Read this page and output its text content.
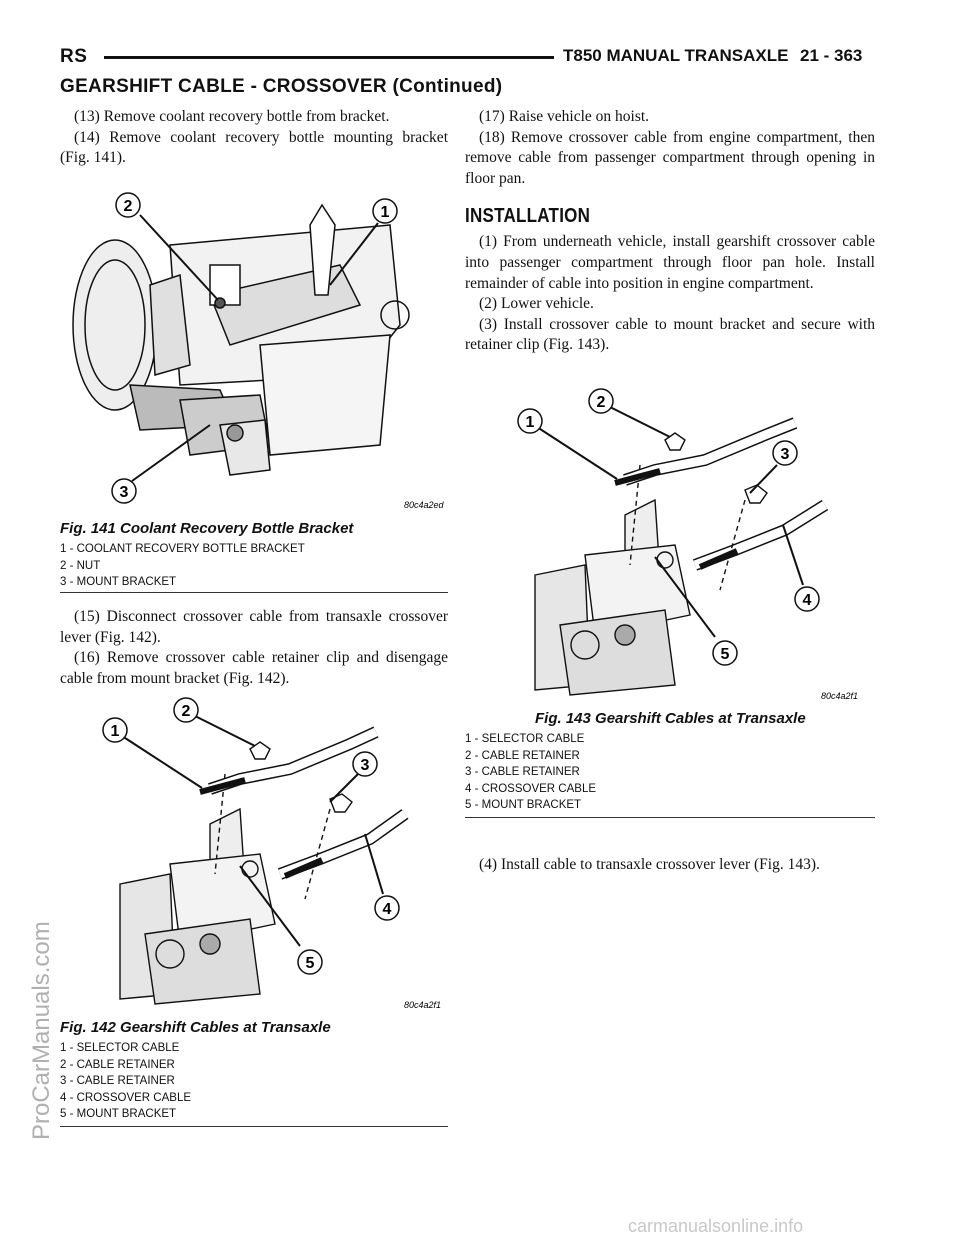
RS	T850 MANUAL TRANSAXLE 21 - 363
GEARSHIFT CABLE - CROSSOVER (Continued)

(13) Remove coolant recovery bottle from bracket.

(14) Remove coolant recovery bottle mounting bracket (Fig. 141).

2	1
3
80c4a2ed
Fig. 141 Coolant Recovery Bottle Bracket
1 - COOLANT RECOVERY BOTTLE BRACKET
2 - NUT
3 - MOUNT BRACKET

(15) Disconnect crossover cable from transaxle crossover lever (Fig. 142).

(16) Remove crossover cable retainer clip and disengage cable from mount bracket (Fig. 142).

1
2
3
4
5
80c4a2f1
Fig. 142 Gearshift Cables at Transaxle
1 - SELECTOR CABLE
2 - CABLE RETAINER
3 - CABLE RETAINER
4 - CROSSOVER CABLE
5 - MOUNT BRACKET

(17) Raise vehicle on hoist.

(18) Remove crossover cable from engine compartment, then remove cable from passenger compartment through opening in floor pan.

INSTALLATION

(1) From underneath vehicle, install gearshift crossover cable into passenger compartment through floor pan hole. Install remainder of cable into position in engine compartment.

(2) Lower vehicle.

(3) Install crossover cable to mount bracket and secure with retainer clip (Fig. 143).

1
2
3
4
5
80c4a2f1
Fig. 143 Gearshift Cables at Transaxle
1 - SELECTOR CABLE
2 - CABLE RETAINER
3 - CABLE RETAINER
4 - CROSSOVER CABLE
5 - MOUNT BRACKET

(4) Install cable to transaxle crossover lever (Fig. 143).

ProCarManuals.com
carmanualsonline.info
